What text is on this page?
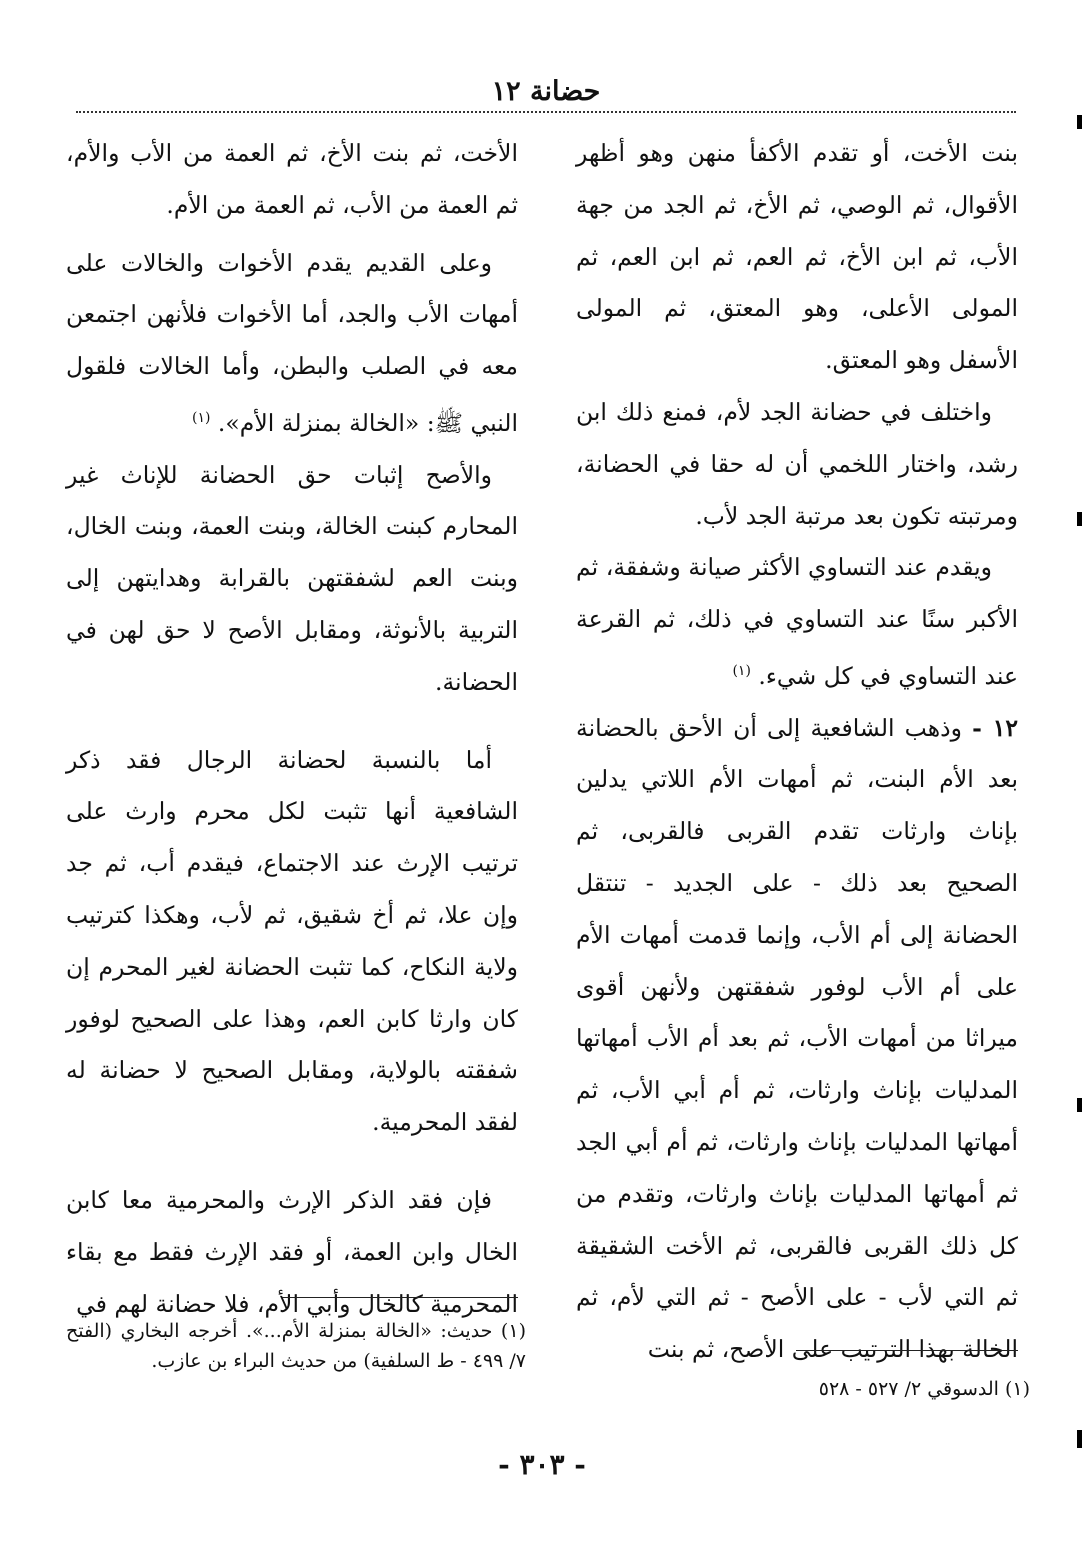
حضانة ١٢

بنت الأخت، أو تقدم الأكفأ منهن وهو أظهر الأقوال، ثم الوصي، ثم الأخ، ثم الجد من جهة الأب، ثم ابن الأخ، ثم العم، ثم ابن العم، ثم المولى الأعلى، وهو المعتق، ثم المولى الأسفل وهو المعتق.

واختلف في حضانة الجد لأم، فمنع ذلك ابن رشد، واختار اللخمي أن له حقا في الحضانة، ومرتبته تكون بعد مرتبة الجد لأب.

ويقدم عند التساوي الأكثر صيانة وشفقة، ثم الأكبر سنًا عند التساوي في ذلك، ثم القرعة عند التساوي في كل شيء. $^{(١)}$

١٢ - وذهب الشافعية إلى أن الأحق بالحضانة بعد الأم البنت، ثم أمهات الأم اللاتي يدلين بإناث وارثات تقدم القربى فالقربى، ثم الصحيح بعد ذلك - على الجديد - تنتقل الحضانة إلى أم الأب، وإنما قدمت أمهات الأم على أم الأب لوفور شفقتهن ولأنهن أقوى ميراثا من أمهات الأب، ثم بعد أم الأب أمهاتها المدليات بإناث وارثات، ثم أم أبي الأب، ثم أمهاتها المدليات بإناث وارثات، ثم أم أبي الجد ثم أمهاتها المدليات بإناث وارثات، وتقدم من كل ذلك القربى فالقربى، ثم الأخت الشقيقة ثم التي لأب - على الأصح - ثم التي لأم، ثم الخالة بهذا الترتيب على الأصح، ثم بنت

(١) الدسوقي ٢/ ٥٢٧ - ٥٢٨

الأخت، ثم بنت الأخ، ثم العمة من الأب والأم، ثم العمة من الأب، ثم العمة من الأم.

وعلى القديم يقدم الأخوات والخالات على أمهات الأب والجد، أما الأخوات فلأنهن اجتمعن معه في الصلب والبطن، وأما الخالات فلقول النبي ﷺ: «الخالة بمنزلة الأم». $^{(١)}$

والأصح إثبات حق الحضانة للإناث غير المحارم كبنت الخالة، وبنت العمة، وبنت الخال، وبنت العم لشفقتهن بالقرابة وهدايتهن إلى التربية بالأنوثة، ومقابل الأصح لا حق لهن في الحضانة.

أما بالنسبة لحضانة الرجال فقد ذكر الشافعية أنها تثبت لكل محرم وارث على ترتيب الإرث عند الاجتماع، فيقدم أب، ثم جد وإن علا، ثم أخ شقيق، ثم لأب، وهكذا كترتيب ولاية النكاح، كما تثبت الحضانة لغير المحرم إن كان وارثا كابن العم، وهذا على الصحيح لوفور شفقته بالولاية، ومقابل الصحيح لا حضانة له لفقد المحرمية.

فإن فقد الذكر الإرث والمحرمية معا كابن الخال وابن العمة، أو فقد الإرث فقط مع بقاء المحرمية كالخال وأبي الأم، فلا حضانة لهم في

(١) حديث: «الخالة بمنزلة الأم...». أخرجه البخاري (الفتح ٧/ ٤٩٩ - ط السلفية) من حديث البراء بن عازب.
- ٣٠٣ -
